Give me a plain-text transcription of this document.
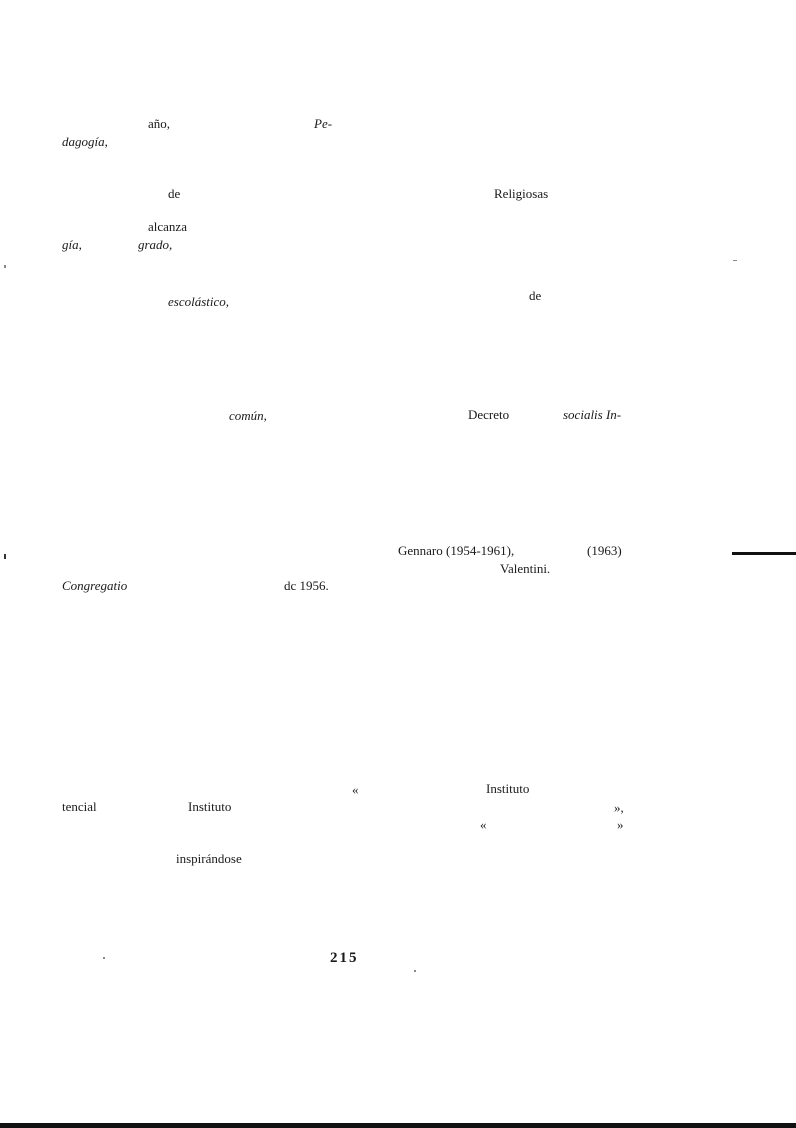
año,	Pe-
dagogía,
de	Religiosas
alcanza
gía,	grado,
escolástico,	de
común,	Decreto	socialis In-
Gennaro (1954-1961),	(1963)
Valentini.
Congregatio	dc 1956.
«	Instituto
tencial	Instituto	»,
«	»
inspirándose
215
